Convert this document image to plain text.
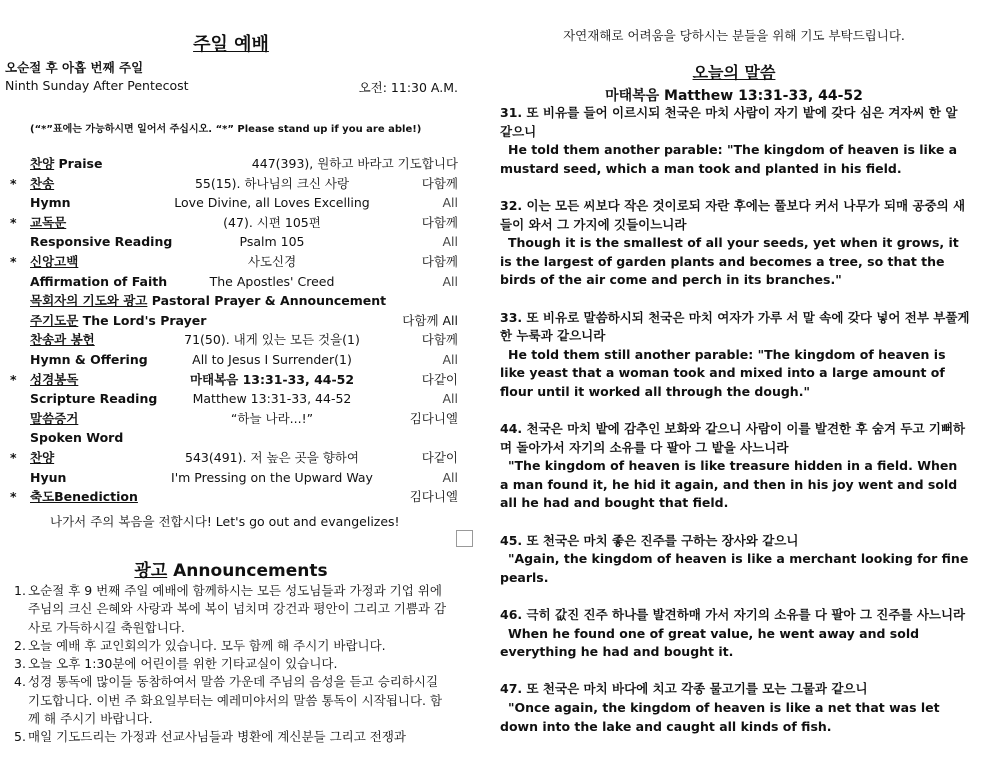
주일 예배
오순절 후 아홉 번째 주일
Ninth Sunday After Pentecost	오전: 11:30 A.M.
(“*”표에는 가능하시면 일어서 주십시오. “*” Please stand up if you are able!)
찬양 Praise	447(393), 원하고 바라고 기도합니다
* 찬송	55(15). 하나님의 크신 사랑	다함께
Hymn	Love Divine, all Loves Excelling	All
* 교독문	(47). 시편 105편	다함께
Responsive Reading	Psalm 105	All
* 신앙고백	사도신경	다함께
Affirmation of Faith	The Apostles' Creed	All
목회자의 기도와 광고 Pastoral Prayer & Announcement
주기도문 The Lord's Prayer	다함께 All
찬송과 봉헌	71(50). 내게 있는 모든 것을(1)	다함께
Hymn & Offering	All to Jesus I Surrender(1)	All
* 성경봉독	마태복음 13:31-33, 44-52	다같이
Scripture Reading	Matthew 13:31-33, 44-52	All
말씀증거	“하늘 나라...!”	김다니엘
Spoken Word
* 찬양	543(491). 저 높은 곳을 향하여	다같이
Hyun	I'm Pressing on the Upward Way	All
* 축도Benediction	김다니엘
나가서 주의 복음을 전합시다! Let's go out and evangelizes!
광고 Announcements
1. 오순절 후 9 번째 주일 예배에 함께하시는 모든 성도님들과 가정과 기업 위에 주님의 크신 은혜와 사랑과 복에 복이 넘치며 강건과 평안이 그리고 기쁨과 감사로 가득하시길 축원합니다.
2. 오늘 예배 후 교인회의가 있습니다. 모두 함께 해 주시기 바랍니다.
3. 오늘 오후 1:30분에 어린이를 위한 기타교실이 있습니다.
4. 성경 통독에 많이들 동참하여서 말씀 가운데 주님의 음성을 듣고 승리하시길 기도합니다. 이번 주 화요일부터는 예레미야서의 말씀 통독이 시작됩니다. 함께 해 주시기 바랍니다.
5. 매일 기도드리는 가정과 선교사님들과 병환에 계신분들 그리고 전쟁과
자연재해로 어려움을 당하시는 분들을 위해 기도 부탁드립니다.
오늘의 말씀
마태복음 Matthew 13:31-33, 44-52
31. 또 비유를 들어 이르시되 천국은 마치 사람이 자기 밭에 갖다 심은 겨자씨 한 알 같으니
He told them another parable: "The kingdom of heaven is like a mustard seed, which a man took and planted in his field.
32. 이는 모든 씨보다 작은 것이로되 자란 후에는 풀보다 커서 나무가 되매 공중의 새들이 와서 그 가지에 깃들이느니라
Though it is the smallest of all your seeds, yet when it grows, it is the largest of garden plants and becomes a tree, so that the birds of the air come and perch in its branches."
33. 또 비유로 말씀하시되 천국은 마치 여자가 가루 서 말 속에 갖다 넣어 전부 부풀게 한 누룩과 같으니라
He told them still another parable: "The kingdom of heaven is like yeast that a woman took and mixed into a large amount of flour until it worked all through the dough."
44. 천국은 마치 밭에 감추인 보화와 같으니 사람이 이를 발견한 후 숨겨 두고 기뻐하며 돌아가서 자기의 소유를 다 팔아 그 밭을 사느니라
"The kingdom of heaven is like treasure hidden in a field. When a man found it, he hid it again, and then in his joy went and sold all he had and bought that field.
45. 또 천국은 마치 좋은 진주를 구하는 장사와 같으니
"Again, the kingdom of heaven is like a merchant looking for fine pearls.
46. 극히 값진 진주 하나를 발견하매 가서 자기의 소유를 다 팔아 그 진주를 사느니라
When he found one of great value, he went away and sold everything he had and bought it.
47. 또 천국은 마치 바다에 치고 각종 물고기를 모는 그물과 같으니
"Once again, the kingdom of heaven is like a net that was let down into the lake and caught all kinds of fish.
